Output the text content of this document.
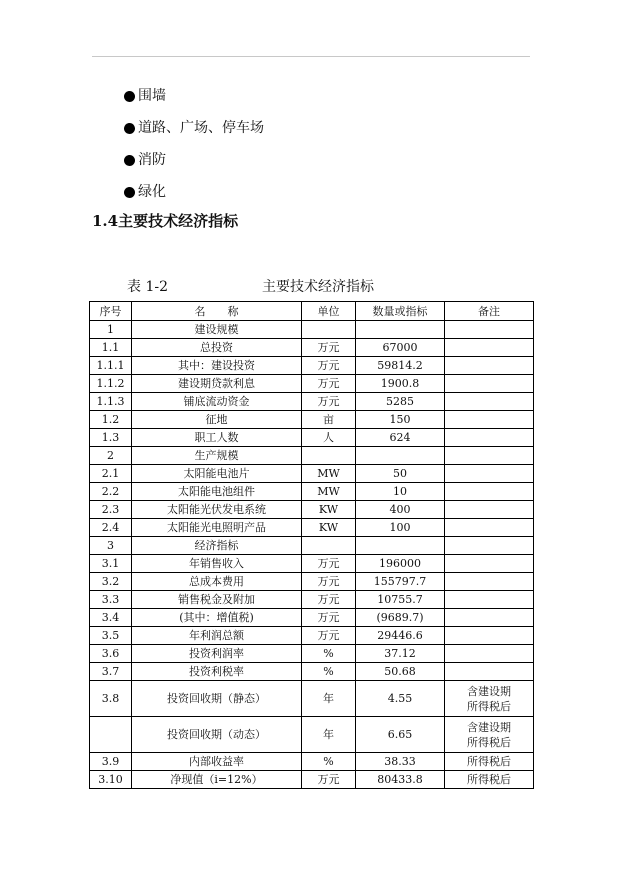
围墙
道路、广场、停车场
消防
绿化
1.4主要技术经济指标
表 1-2	主要技术经济指标
序号	名　　称	单位	数量或指标	备注
1	建设规模			
1.1	总投资	万元	67000	
1.1.1	其中：建设投资	万元	59814.2	
1.1.2	建设期贷款利息	万元	1900.8	
1.1.3	铺底流动资金	万元	5285	
1.2	征地	亩	150	
1.3	职工人数	人	624	
2	生产规模			
2.1	太阳能电池片	MW	50	
2.2	太阳能电池组件	MW	10	
2.3	太阳能光伏发电系统	KW	400	
2.4	太阳能光电照明产品	KW	100	
3	经济指标			
3.1	年销售收入	万元	196000	
3.2	总成本费用	万元	155797.7	
3.3	销售税金及附加	万元	10755.7	
3.4	(其中：增值税)	万元	(9689.7)	
3.5	年利润总额	万元	29446.6	
3.6	投资利润率	%	37.12	
3.7	投资利税率	%	50.68	
3.8	投资回收期（静态）	年	4.55	含建设期
所得税后

	投资回收期（动态）	年	6.65	含建设期
所得税后

3.9	内部收益率	%	38.33	所得税后
3.10	净现值（i=12%）	万元	80433.8	所得税后
